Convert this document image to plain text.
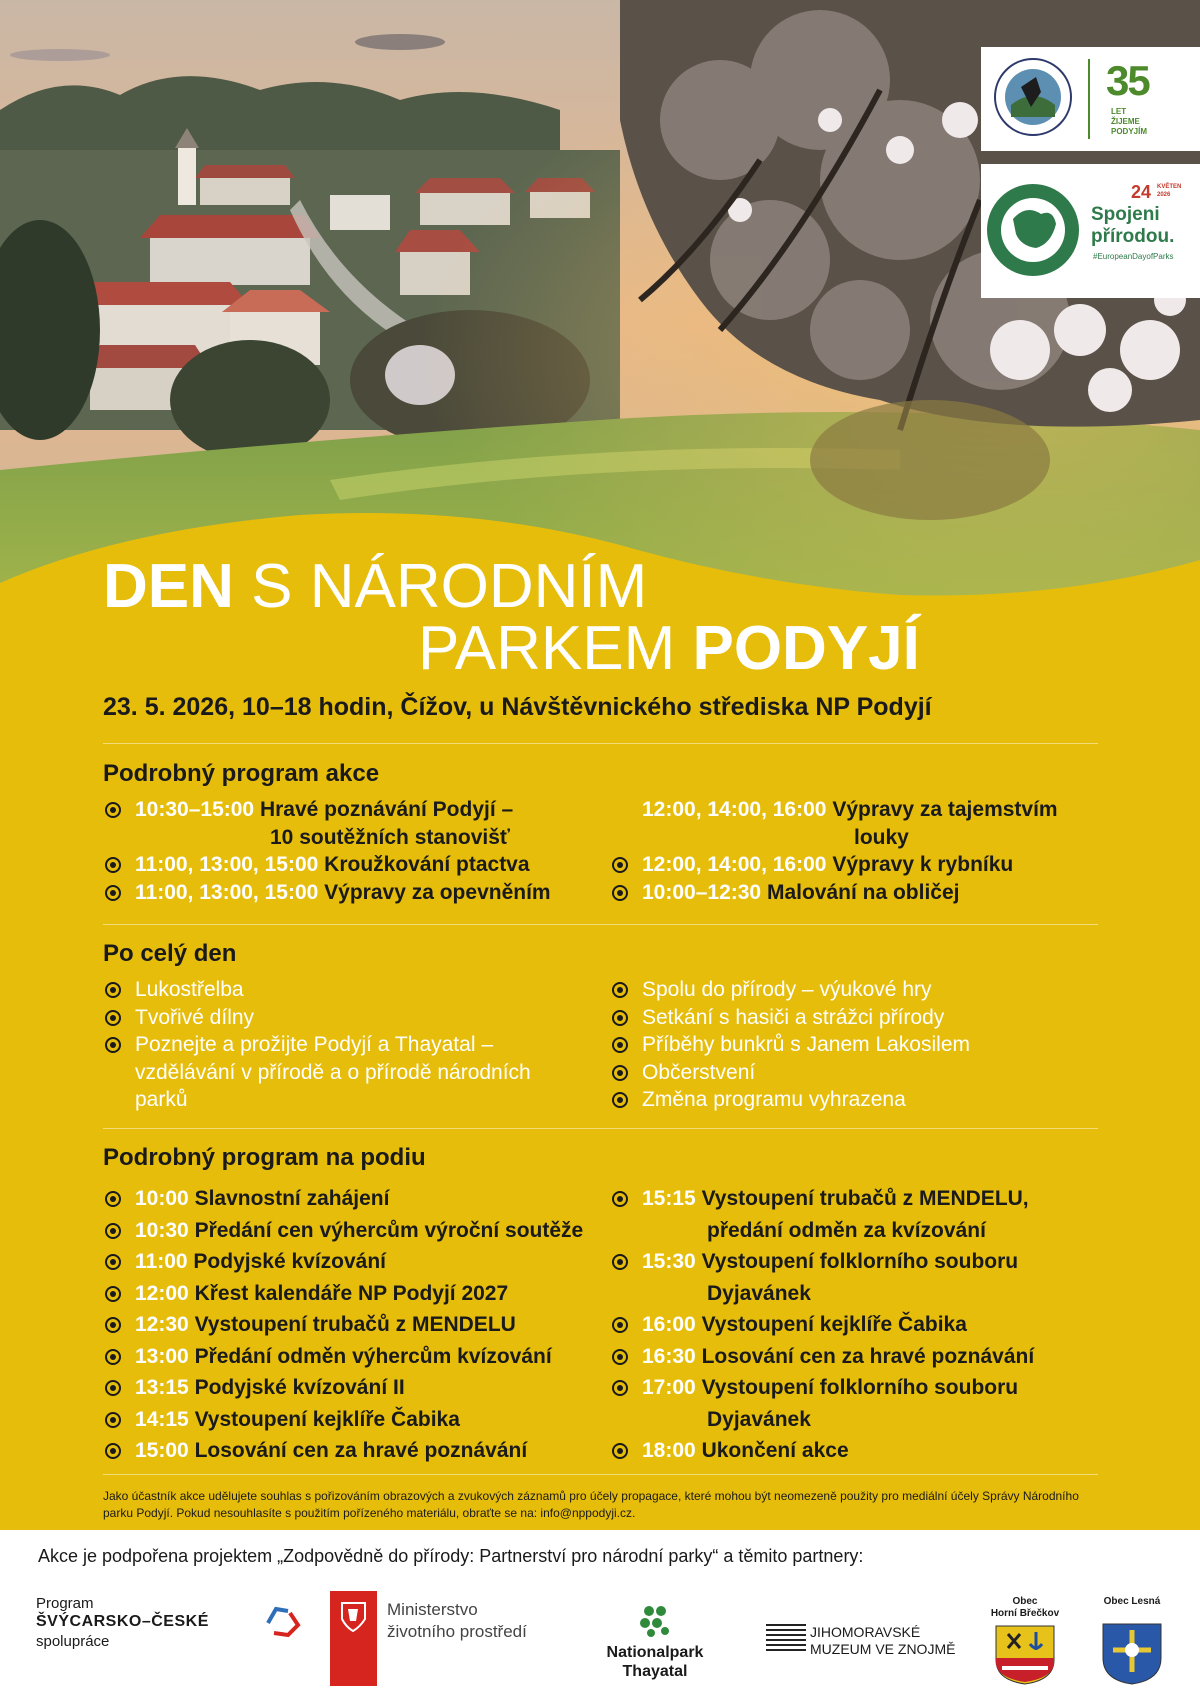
35
LET
ŽIJEME
PODYJÍM
24 KVĚTEN
2026
Spojeni
přírodou.
#EuropeanDayofParks
DEN S NÁRODNÍM
PARKEM PODYJÍ
23. 5. 2026, 10–18 hodin, Čížov, u Návštěvnického střediska NP Podyjí
Podrobný program akce
10:30–15:00 Hravé poznávání Podyjí –
10 soutěžních stanovišť
11:00, 13:00, 15:00 Kroužkování ptactva
11:00, 13:00, 15:00 Výpravy za opevněním
12:00, 14:00, 16:00 Výpravy za tajemstvím
louky
12:00, 14:00, 16:00 Výpravy k rybníku
10:00–12:30 Malování na obličej
Po celý den
Lukostřelba
Tvořivé dílny
Poznejte a prožijte Podyjí a Thayatal –
vzdělávání v přírodě a o přírodě národních
parků
Spolu do přírody – výukové hry
Setkání s hasiči a strážci přírody
Příběhy bunkrů s Janem Lakosilem
Občerstvení
Změna programu vyhrazena
Podrobný program na podiu
10:00 Slavnostní zahájení
10:30 Předání cen výhercům výroční soutěže
11:00 Podyjské kvízování
12:00 Křest kalendáře NP Podyjí 2027
12:30 Vystoupení trubačů z MENDELU
13:00 Předání odměn výhercům kvízování
13:15 Podyjské kvízování II
14:15 Vystoupení kejklíře Čabika
15:00 Losování cen za hravé poznávání
15:15 Vystoupení trubačů z MENDELU,
předání odměn za kvízování
15:30 Vystoupení folklorního souboru
Dyjavánek
16:00 Vystoupení kejklíře Čabika
16:30 Losování cen za hravé poznávání
17:00 Vystoupení folklorního souboru
Dyjavánek
18:00 Ukončení akce

Jako účastník akce udělujete souhlas s pořizováním obrazových a zvukových záznamů pro účely propagace, které mohou být neomezeně použity pro mediální účely Správy Národního parku Podyjí. Pokud nesouhlasíte s použitím pořízeného materiálu, obraťte se na: info@nppodyji.cz.

Akce je podpořena projektem „Zodpovědně do přírody: Partnerství pro národní parky“ a těmito partnery:
Program
ŠVÝCARSKO–ČESKÉ
spolupráce
Ministerstvo
životního prostředí
Nationalpark
Thayatal
JIHOMORAVSKÉ
MUZEUM VE ZNOJMĚ
Obec
Horní Břečkov
Obec Lesná
